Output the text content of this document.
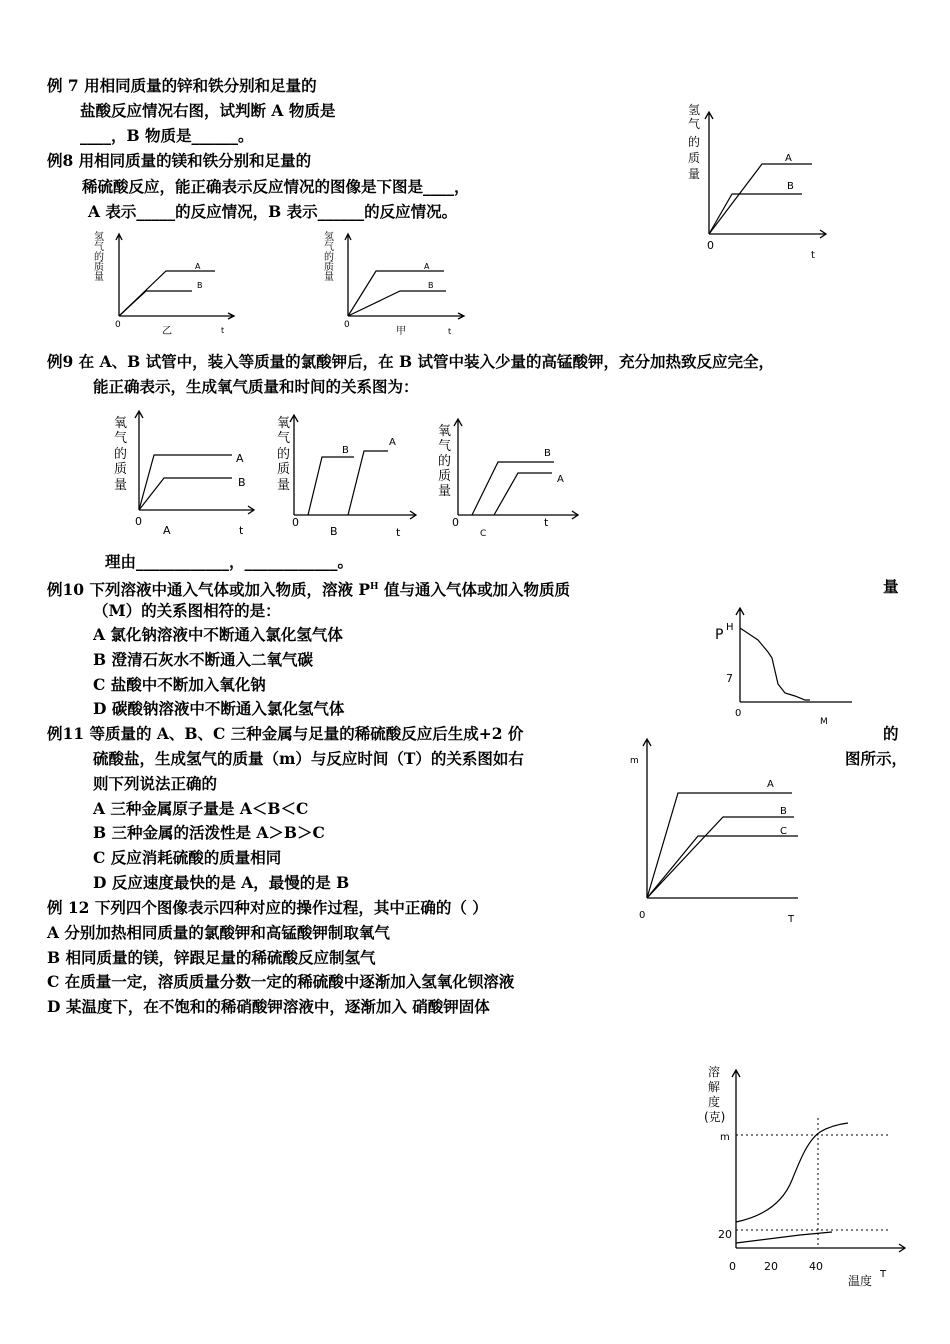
例 7 用相同质量的锌和铁分别和足量的
盐酸反应情况右图，试判断 A 物质是
____，B 物质是______。
例8 用相同质量的镁和铁分别和足量的
稀硫酸反应，能正确表示反应情况的图像是下图是____，
A 表示_____的反应情况，B 表示______的反应情况。
例9 在 A、B 试管中，装入等质量的氯酸钾后，在 B 试管中装入少量的高锰酸钾，充分加热致反应完全，
能正确表示，生成氧气质量和时间的关系图为：
理由____________，____________。
例10 下列溶液中通入气体或加入物质，溶液 $P^H$ 值与通入气体或加入物质质	量
（M）的关系图相符的是：
A 氯化钠溶液中不断通入氯化氢气体
B 澄清石灰水不断通入二氧气碳
C 盐酸中不断加入氧化钠
D 碳酸钠溶液中不断通入氯化氢气体
例11 等质量的 A、B、C 三种金属与足量的稀硫酸反应后生成+2 价	的
硫酸盐，生成氢气的质量（m）与反应时间（T）的关系图如右	图所示，
则下列说法正确的
A 三种金属原子量是 A＜B＜C
B 三种金属的活泼性是 A＞B＞C
C 反应消耗硫酸的质量相同
D 反应速度最快的是 A，最慢的是 B
例 12 下列四个图像表示四种对应的操作过程，其中正确的（ ）
A 分别加热相同质量的氯酸钾和高锰酸钾制取氧气
B 相同质量的镁，锌跟足量的稀硫酸反应制氢气
C 在质量一定，溶质质量分数一定的稀硫酸中逐渐加入氢氧化钡溶液
D 某温度下，在不饱和的稀硝酸钾溶液中，逐渐加入 硝酸钾固体
氢
气
的
质
量
A
B
0
t
氢
气
的
质
量
A
B
0
乙	t
氢
气
的
质
量
A
B
0
甲	t
氧
气
的
质
量
A
B
0
A	t
氧
气
的
质
量
B
A
0
B	t
氧
气
的
质
量
B
A
0
C
t
P H
7
0
M
m
A
B
C
0	T
溶
解
度
(克)
m
20
0	20	40
温度 T
